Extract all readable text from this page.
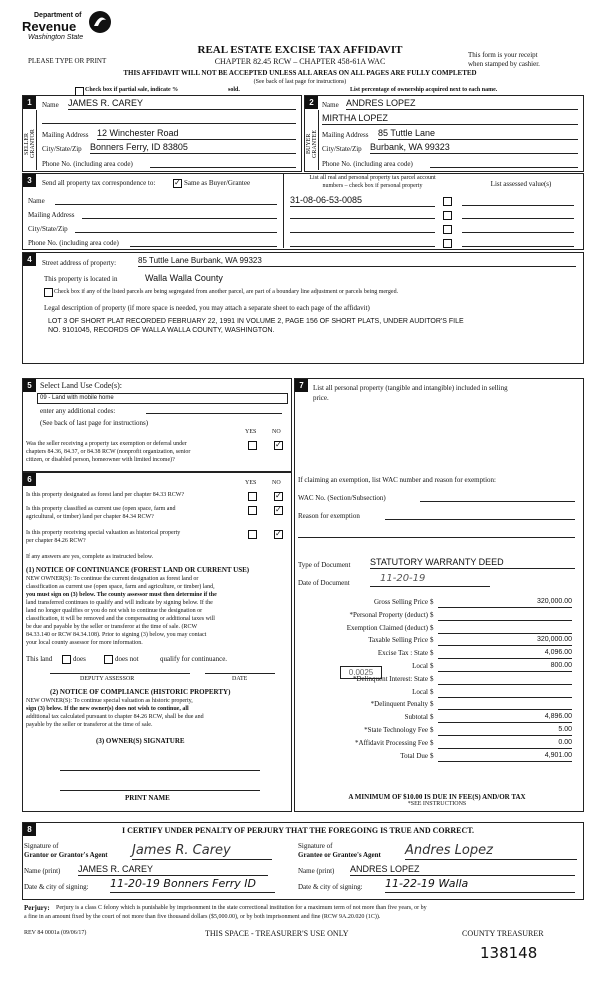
Department of
Revenue
Washington State
PLEASE TYPE OR PRINT
REAL ESTATE EXCISE TAX AFFIDAVIT
CHAPTER 82.45 RCW – CHAPTER 458-61A WAC
This form is your receipt
when stamped by cashier.
THIS AFFIDAVIT WILL NOT BE ACCEPTED UNLESS ALL AREAS ON ALL PAGES ARE FULLY COMPLETED
(See back of last page for instructions)
Check box if partial sale, indicate %	sold.	List percentage of ownership acquired next to each name.
1
SELLER GRANTOR
Name JAMES R. CAREY
Mailing Address 12 Winchester Road
City/State/Zip Bonners Ferry, ID 83805
Phone No. (including area code)
2
BUYER GRANTEE
Name ANDRES LOPEZ
MIRTHA LOPEZ
Mailing Address 85 Tuttle Lane
City/State/Zip Burbank, WA 99323
Phone No. (including area code)
3	Send all property tax correspondence to:
✓	Same as Buyer/Grantee
List all real and personal property tax parcel account
numbers – check box if personal property	List assessed value(s)
Name
Mailing Address
City/State/Zip
Phone No. (including area code)
31-08-06-53-0085
4	Street address of property:	85 Tuttle Lane Burbank, WA 99323
This property is located in	Walla Walla County
Check box if any of the listed parcels are being segregated from another parcel, are part of a boundary line adjustment or parcels being merged.
Legal description of property (if more space is needed, you may attach a separate sheet to each page of the affidavit)
LOT 3 OF SHORT PLAT RECORDED FEBRUARY 22, 1991 IN VOLUME 2, PAGE 156 OF SHORT PLATS, UNDER AUDITOR'S FILE
NO. 9101045, RECORDS OF WALLA WALLA COUNTY, WASHINGTON.
5	Select Land Use Code(s):
09 - Land with mobile home
enter any additional codes:
(See back of last page for instructions)
YES	NO
Was the seller receiving a property tax exemption or deferral under
chapters 84.36, 84.37, or 84.38 RCW (nonprofit organization, senior
citizen, or disabled person, homeowner with limited income)?
✓
6	YES	NO
Is this property designated as forest land per chapter 84.33 RCW?
✓
Is this property classified as current use (open space, farm and
agricultural, or timber) land per chapter 84.34 RCW?
✓
Is this property receiving special valuation as historical property
per chapter 84.26 RCW?
✓
If any answers are yes, complete as instructed below.
(1) NOTICE OF CONTINUANCE (FOREST LAND OR CURRENT USE)
NEW OWNER(S): To continue the current designation as forest land or
classification as current use (open space, farm and agriculture, or timber) land,
you must sign on (3) below. The county assessor must then determine if the
land transferred continues to qualify and will indicate by signing below. If the
land no longer qualifies or you do not wish to continue the designation or
classification, it will be removed and the compensating or additional taxes will
be due and payable by the seller or transferor at the time of sale. (RCW
84.33.140 or RCW 84.34.108). Prior to signing (3) below, you may contact
your local county assessor for more information.
This land	does	does not	qualify for continuance.
DEPUTY ASSESSOR	DATE
(2) NOTICE OF COMPLIANCE (HISTORIC PROPERTY)
NEW OWNER(S): To continue special valuation as historic property,
sign (3) below. If the new owner(s) does not wish to continue, all
additional tax calculated pursuant to chapter 84.26 RCW, shall be due and
payable by the seller or transferor at the time of sale.
(3) OWNER(S) SIGNATURE
PRINT NAME
7	List all personal property (tangible and intangible) included in selling
price.
If claiming an exemption, list WAC number and reason for exemption:
WAC No. (Section/Subsection)
Reason for exemption
Type of Document STATUTORY WARRANTY DEED
Date of Document	11-20-19
Gross Selling Price $	320,000.00
*Personal Property (deduct) $
Exemption Claimed (deduct) $
Taxable Selling Price $	320,000.00
Excise Tax : State $	4,096.00
Local $	800.00
*Delinquent Interest: State $
Local $
*Delinquent Penalty $
Subtotal $	4,896.00
*State Technology Fee $	5.00
*Affidavit Processing Fee $	0.00
Total Due $	4,901.00
0.0025
A MINIMUM OF $10.00 IS DUE IN FEE(S) AND/OR TAX
*SEE INSTRUCTIONS
8	I CERTIFY UNDER PENALTY OF PERJURY THAT THE FOREGOING IS TRUE AND CORRECT.
Signature of
Grantor or Grantor's Agent James R. Carey
Name (print) JAMES R. CAREY
Date & city of signing: 11-20-19 Bonners Ferry ID
Signature of
Grantee or Grantee's Agent Andres Lopez
Name (print) ANDRES LOPEZ
Date & city of signing: 11-22-19 Walla
Perjury: Perjury is a class C felony which is punishable by imprisonment in the state correctional institution for a maximum term of not more than five years, or by
a fine in an amount fixed by the court of not more than five thousand dollars ($5,000.00), or by both imprisonment and fine (RCW 9A.20.020 (1C)).
REV 84 0001a (09/06/17)	THIS SPACE - TREASURER'S USE ONLY	COUNTY TREASURER
138148
